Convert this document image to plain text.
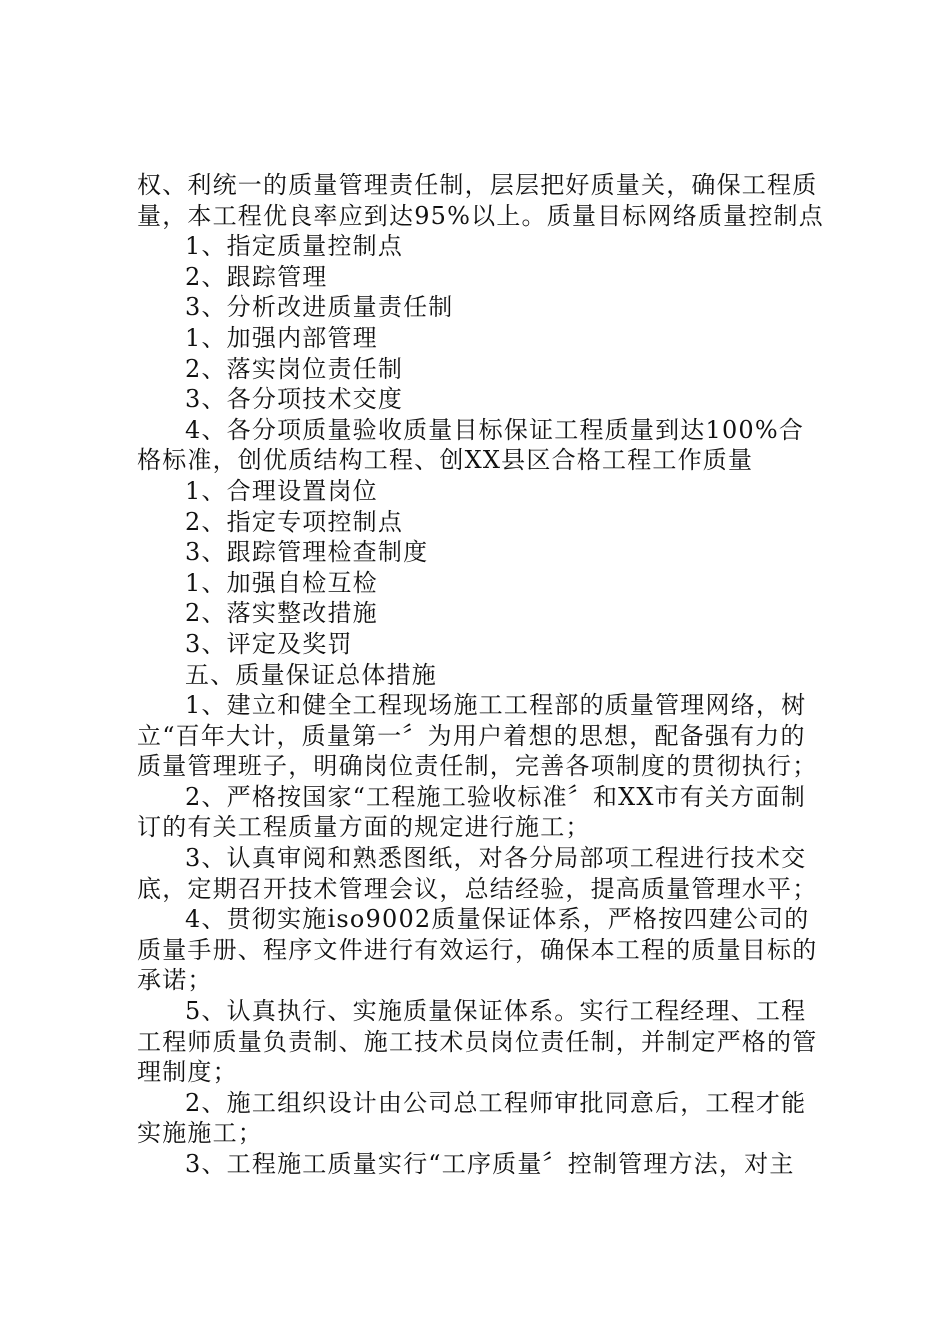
权、利统一的质量管理责任制，层层把好质量关，确保工程质量，本工程优良率应到达95%以上。质量目标网络质量控制点

1、指定质量控制点

2、跟踪管理

3、分析改进质量责任制

1、加强内部管理

2、落实岗位责任制

3、各分项技术交度

4、各分项质量验收质量目标保证工程质量到达100%合格标准，创优质结构工程、创XX县区合格工程工作质量

1、合理设置岗位

2、指定专项控制点

3、跟踪管理检查制度

1、加强自检互检

2、落实整改措施

3、评定及奖罚

五、质量保证总体措施

1、建立和健全工程现场施工工程部的质量管理网络，树立“百年大计，质量第一〞为用户着想的思想，配备强有力的质量管理班子，明确岗位责任制，完善各项制度的贯彻执行；

2、严格按国家“工程施工验收标准〞和XX市有关方面制订的有关工程质量方面的规定进行施工；

3、认真审阅和熟悉图纸，对各分局部项工程进行技术交底，定期召开技术管理会议，总结经验，提高质量管理水平；

4、贯彻实施iso9002质量保证体系，严格按四建公司的质量手册、程序文件进行有效运行，确保本工程的质量目标的承诺；

5、认真执行、实施质量保证体系。实行工程经理、工程工程师质量负责制、施工技术员岗位责任制，并制定严格的管理制度；

2、施工组织设计由公司总工程师审批同意后，工程才能实施施工；

3、工程施工质量实行“工序质量〞控制管理方法，对主
